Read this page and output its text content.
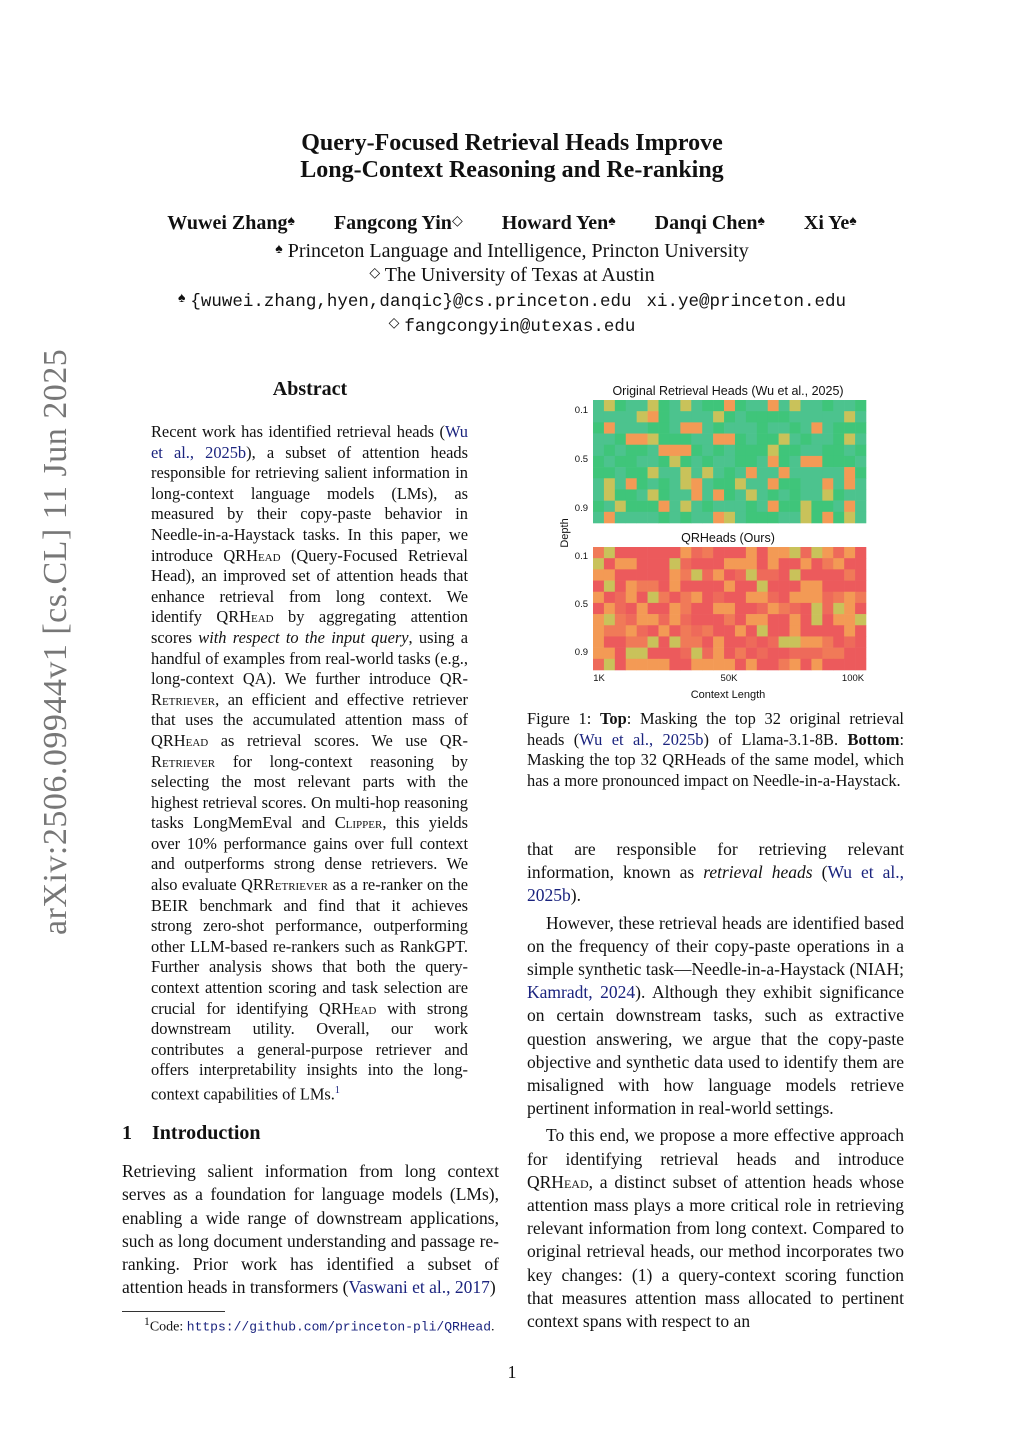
arXiv:2506.09944v1 [cs.CL] 11 Jun 2025
Query-Focused Retrieval Heads Improve
Long-Context Reasoning and Re-ranking
Wuwei Zhang♠ Fangcong Yin◇ Howard Yen♠ Danqi Chen♠ Xi Ye♠
♠ Princeton Language and Intelligence, Princton University
◇ The University of Texas at Austin
♠ {wuwei.zhang,hyen,danqic}@cs.princeton.edu xi.ye@princeton.edu
◇ fangcongyin@utexas.edu
Abstract
Recent work has identified retrieval heads (Wu et al., 2025b), a subset of attention heads responsible for retrieving salient information in long-context language models (LMs), as measured by their copy-paste behavior in Needle-in-a-Haystack tasks. In this paper, we introduce QRHead (Query-Focused Retrieval Head), an improved set of attention heads that enhance retrieval from long context. We identify QRHead by aggregating attention scores with respect to the input query, using a handful of examples from real-world tasks (e.g., long-context QA). We further introduce QR-Retriever, an efficient and effective retriever that uses the accumulated attention mass of QRHead as retrieval scores. We use QR-Retriever for long-context reasoning by selecting the most relevant parts with the highest retrieval scores. On multi-hop reasoning tasks LongMemEval and Clipper, this yields over 10% performance gains over full context and outperforms strong dense retrievers. We also evaluate QRRetriever as a re-ranker on the BEIR benchmark and find that it achieves strong zero-shot performance, outperforming other LLM-based re-rankers such as RankGPT. Further analysis shows that both the query-context attention scoring and task selection are crucial for identifying QRHead with strong downstream utility. Overall, our work contributes a general-purpose retriever and offers interpretability insights into the long-context capabilities of LMs.$^1$
1 Introduction
Retrieving salient information from long context serves as a foundation for language models (LMs), enabling a wide range of downstream applications, such as long document understanding and passage re-ranking. Prior work has identified a subset of attention heads in transformers (Vaswani et al., 2017)
$^1$Code: https://github.com/princeton-pli/QRHead.
Original Retrieval Heads (Wu et al., 2025)
QRHeads (Ours)
Depth
0.1
0.5
0.9
0.1
0.5
0.9
1K	50K	100K
Context Length
Figure 1: Top: Masking the top 32 original retrieval heads (Wu et al., 2025b) of Llama-3.1-8B. Bottom: Masking the top 32 QRHeads of the same model, which has a more pronounced impact on Needle-in-a-Haystack.

that are responsible for retrieving relevant information, known as retrieval heads (Wu et al., 2025b).

However, these retrieval heads are identified based on the frequency of their copy-paste operations in a simple synthetic task—Needle-in-a-Haystack (NIAH; Kamradt, 2024). Although they exhibit significance on certain downstream tasks, such as extractive question answering, we argue that the copy-paste objective and synthetic data used to identify them are misaligned with how language models retrieve pertinent information in real-world settings.

To this end, we propose a more effective approach for identifying retrieval heads and introduce QRHead, a distinct subset of attention heads whose attention mass plays a more critical role in retrieving relevant information from long context. Compared to original retrieval heads, our method incorporates two key changes: (1) a query-context scoring function that measures attention mass allocated to pertinent context spans with respect to an

1
